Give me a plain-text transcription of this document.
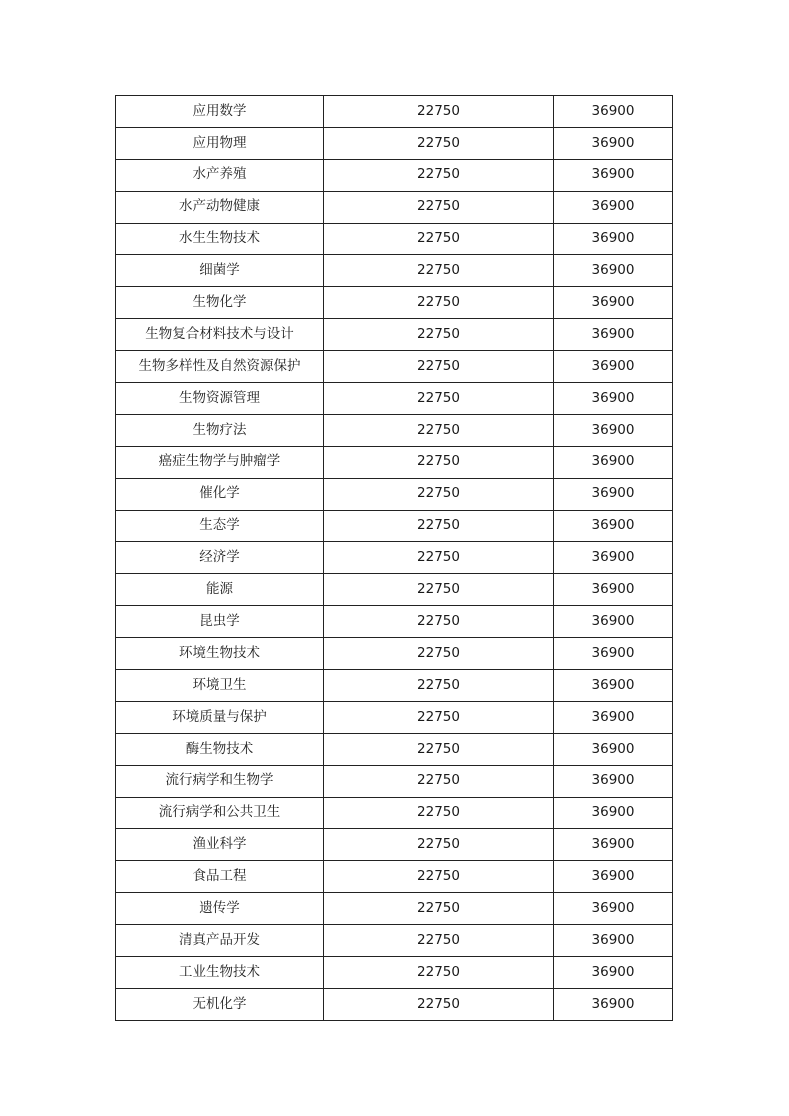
应用数学	22750	36900
应用物理	22750	36900
水产养殖	22750	36900
水产动物健康	22750	36900
水生生物技术	22750	36900
细菌学	22750	36900
生物化学	22750	36900
生物复合材料技术与设计	22750	36900
生物多样性及自然资源保护	22750	36900
生物资源管理	22750	36900
生物疗法	22750	36900
癌症生物学与肿瘤学	22750	36900
催化学	22750	36900
生态学	22750	36900
经济学	22750	36900
能源	22750	36900
昆虫学	22750	36900
环境生物技术	22750	36900
环境卫生	22750	36900
环境质量与保护	22750	36900
酶生物技术	22750	36900
流行病学和生物学	22750	36900
流行病学和公共卫生	22750	36900
渔业科学	22750	36900
食品工程	22750	36900
遗传学	22750	36900
清真产品开发	22750	36900
工业生物技术	22750	36900
无机化学	22750	36900
